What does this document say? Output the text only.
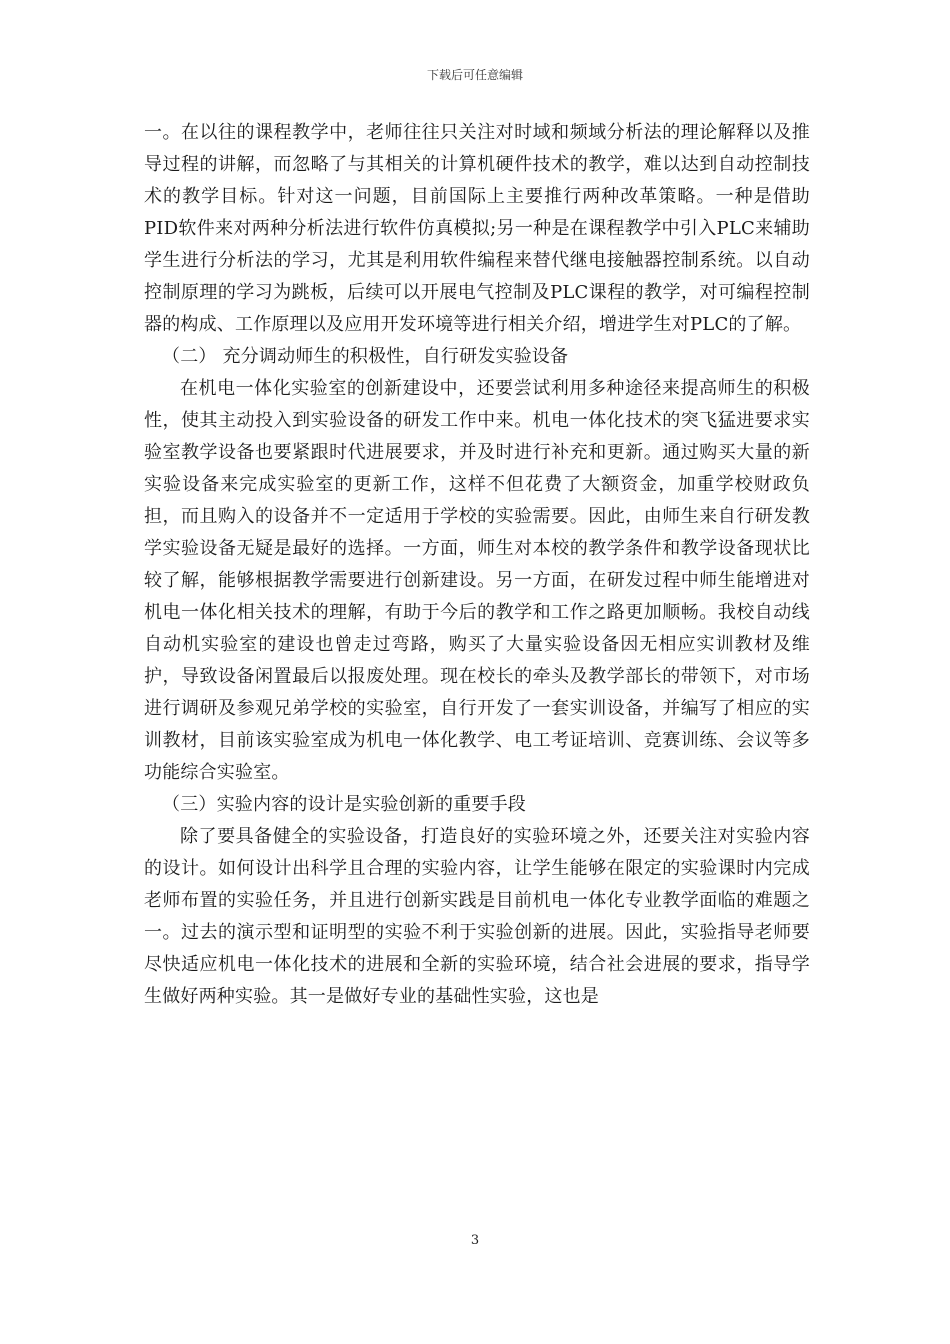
下载后可任意编辑

一。在以往的课程教学中，老师往往只关注对时域和频域分析法的理论解释以及推导过程的讲解，而忽略了与其相关的计算机硬件技术的教学，难以达到自动控制技术的教学目标。针对这一问题，目前国际上主要推行两种改革策略。一种是借助PID软件来对两种分析法进行软件仿真模拟;另一种是在课程教学中引入PLC来辅助学生进行分析法的学习，尤其是利用软件编程来替代继电接触器控制系统。以自动控制原理的学习为跳板，后续可以开展电气控制及PLC课程的教学，对可编程控制器的构成、工作原理以及应用开发环境等进行相关介绍，增进学生对PLC的了解。

（二） 充分调动师生的积极性，自行研发实验设备

在机电一体化实验室的创新建设中，还要尝试利用多种途径来提高师生的积极性，使其主动投入到实验设备的研发工作中来。机电一体化技术的突飞猛进要求实验室教学设备也要紧跟时代进展要求，并及时进行补充和更新。通过购买大量的新实验设备来完成实验室的更新工作，这样不但花费了大额资金，加重学校财政负担，而且购入的设备并不一定适用于学校的实验需要。因此，由师生来自行研发教学实验设备无疑是最好的选择。一方面，师生对本校的教学条件和教学设备现状比较了解，能够根据教学需要进行创新建设。另一方面，在研发过程中师生能增进对机电一体化相关技术的理解，有助于今后的教学和工作之路更加顺畅。我校自动线自动机实验室的建设也曾走过弯路，购买了大量实验设备因无相应实训教材及维护，导致设备闲置最后以报废处理。现在校长的牵头及教学部长的带领下，对市场进行调研及参观兄弟学校的实验室，自行开发了一套实训设备，并编写了相应的实训教材，目前该实验室成为机电一体化教学、电工考证培训、竞赛训练、会议等多功能综合实验室。

（三）实验内容的设计是实验创新的重要手段

除了要具备健全的实验设备，打造良好的实验环境之外，还要关注对实验内容的设计。如何设计出科学且合理的实验内容，让学生能够在限定的实验课时内完成老师布置的实验任务，并且进行创新实践是目前机电一体化专业教学面临的难题之一。过去的演示型和证明型的实验不利于实验创新的进展。因此，实验指导老师要尽快适应机电一体化技术的进展和全新的实验环境，结合社会进展的要求，指导学生做好两种实验。其一是做好专业的基础性实验，这也是

3
